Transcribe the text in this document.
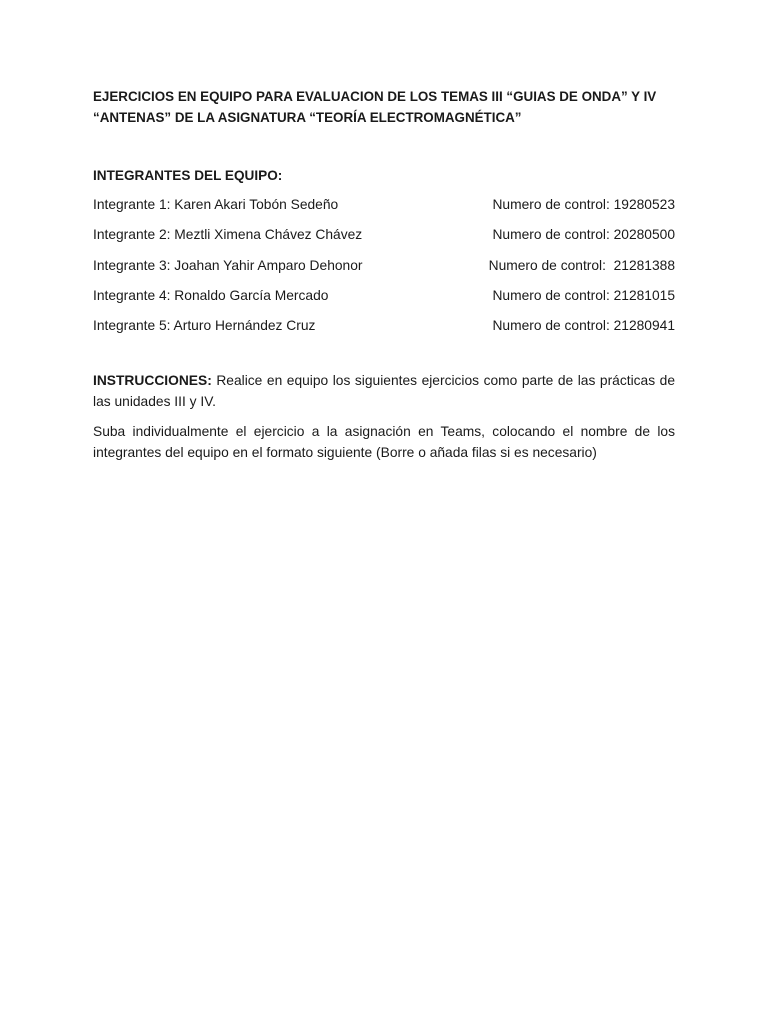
EJERCICIOS EN EQUIPO PARA EVALUACION DE LOS TEMAS III “GUIAS DE ONDA” Y IV “ANTENAS” DE LA ASIGNATURA “TEORÍA ELECTROMAGNÉTICA”

INTEGRANTES DEL EQUIPO:

Integrante 1: Karen Akari Tobón Sedeño	Numero de control: 19280523
Integrante 2: Meztli Ximena Chávez Chávez	Numero de control: 20280500
Integrante 3: Joahan Yahir Amparo Dehonor	Numero de control:  21281388
Integrante 4: Ronaldo García Mercado	Numero de control: 21281015
Integrante 5: Arturo Hernández Cruz	Numero de control: 21280941

INSTRUCCIONES: Realice en equipo los siguientes ejercicios como parte de las prácticas de las unidades III y IV.

Suba individualmente el ejercicio a la asignación en Teams, colocando el nombre de los integrantes del equipo en el formato siguiente (Borre o añada filas si es necesario)
